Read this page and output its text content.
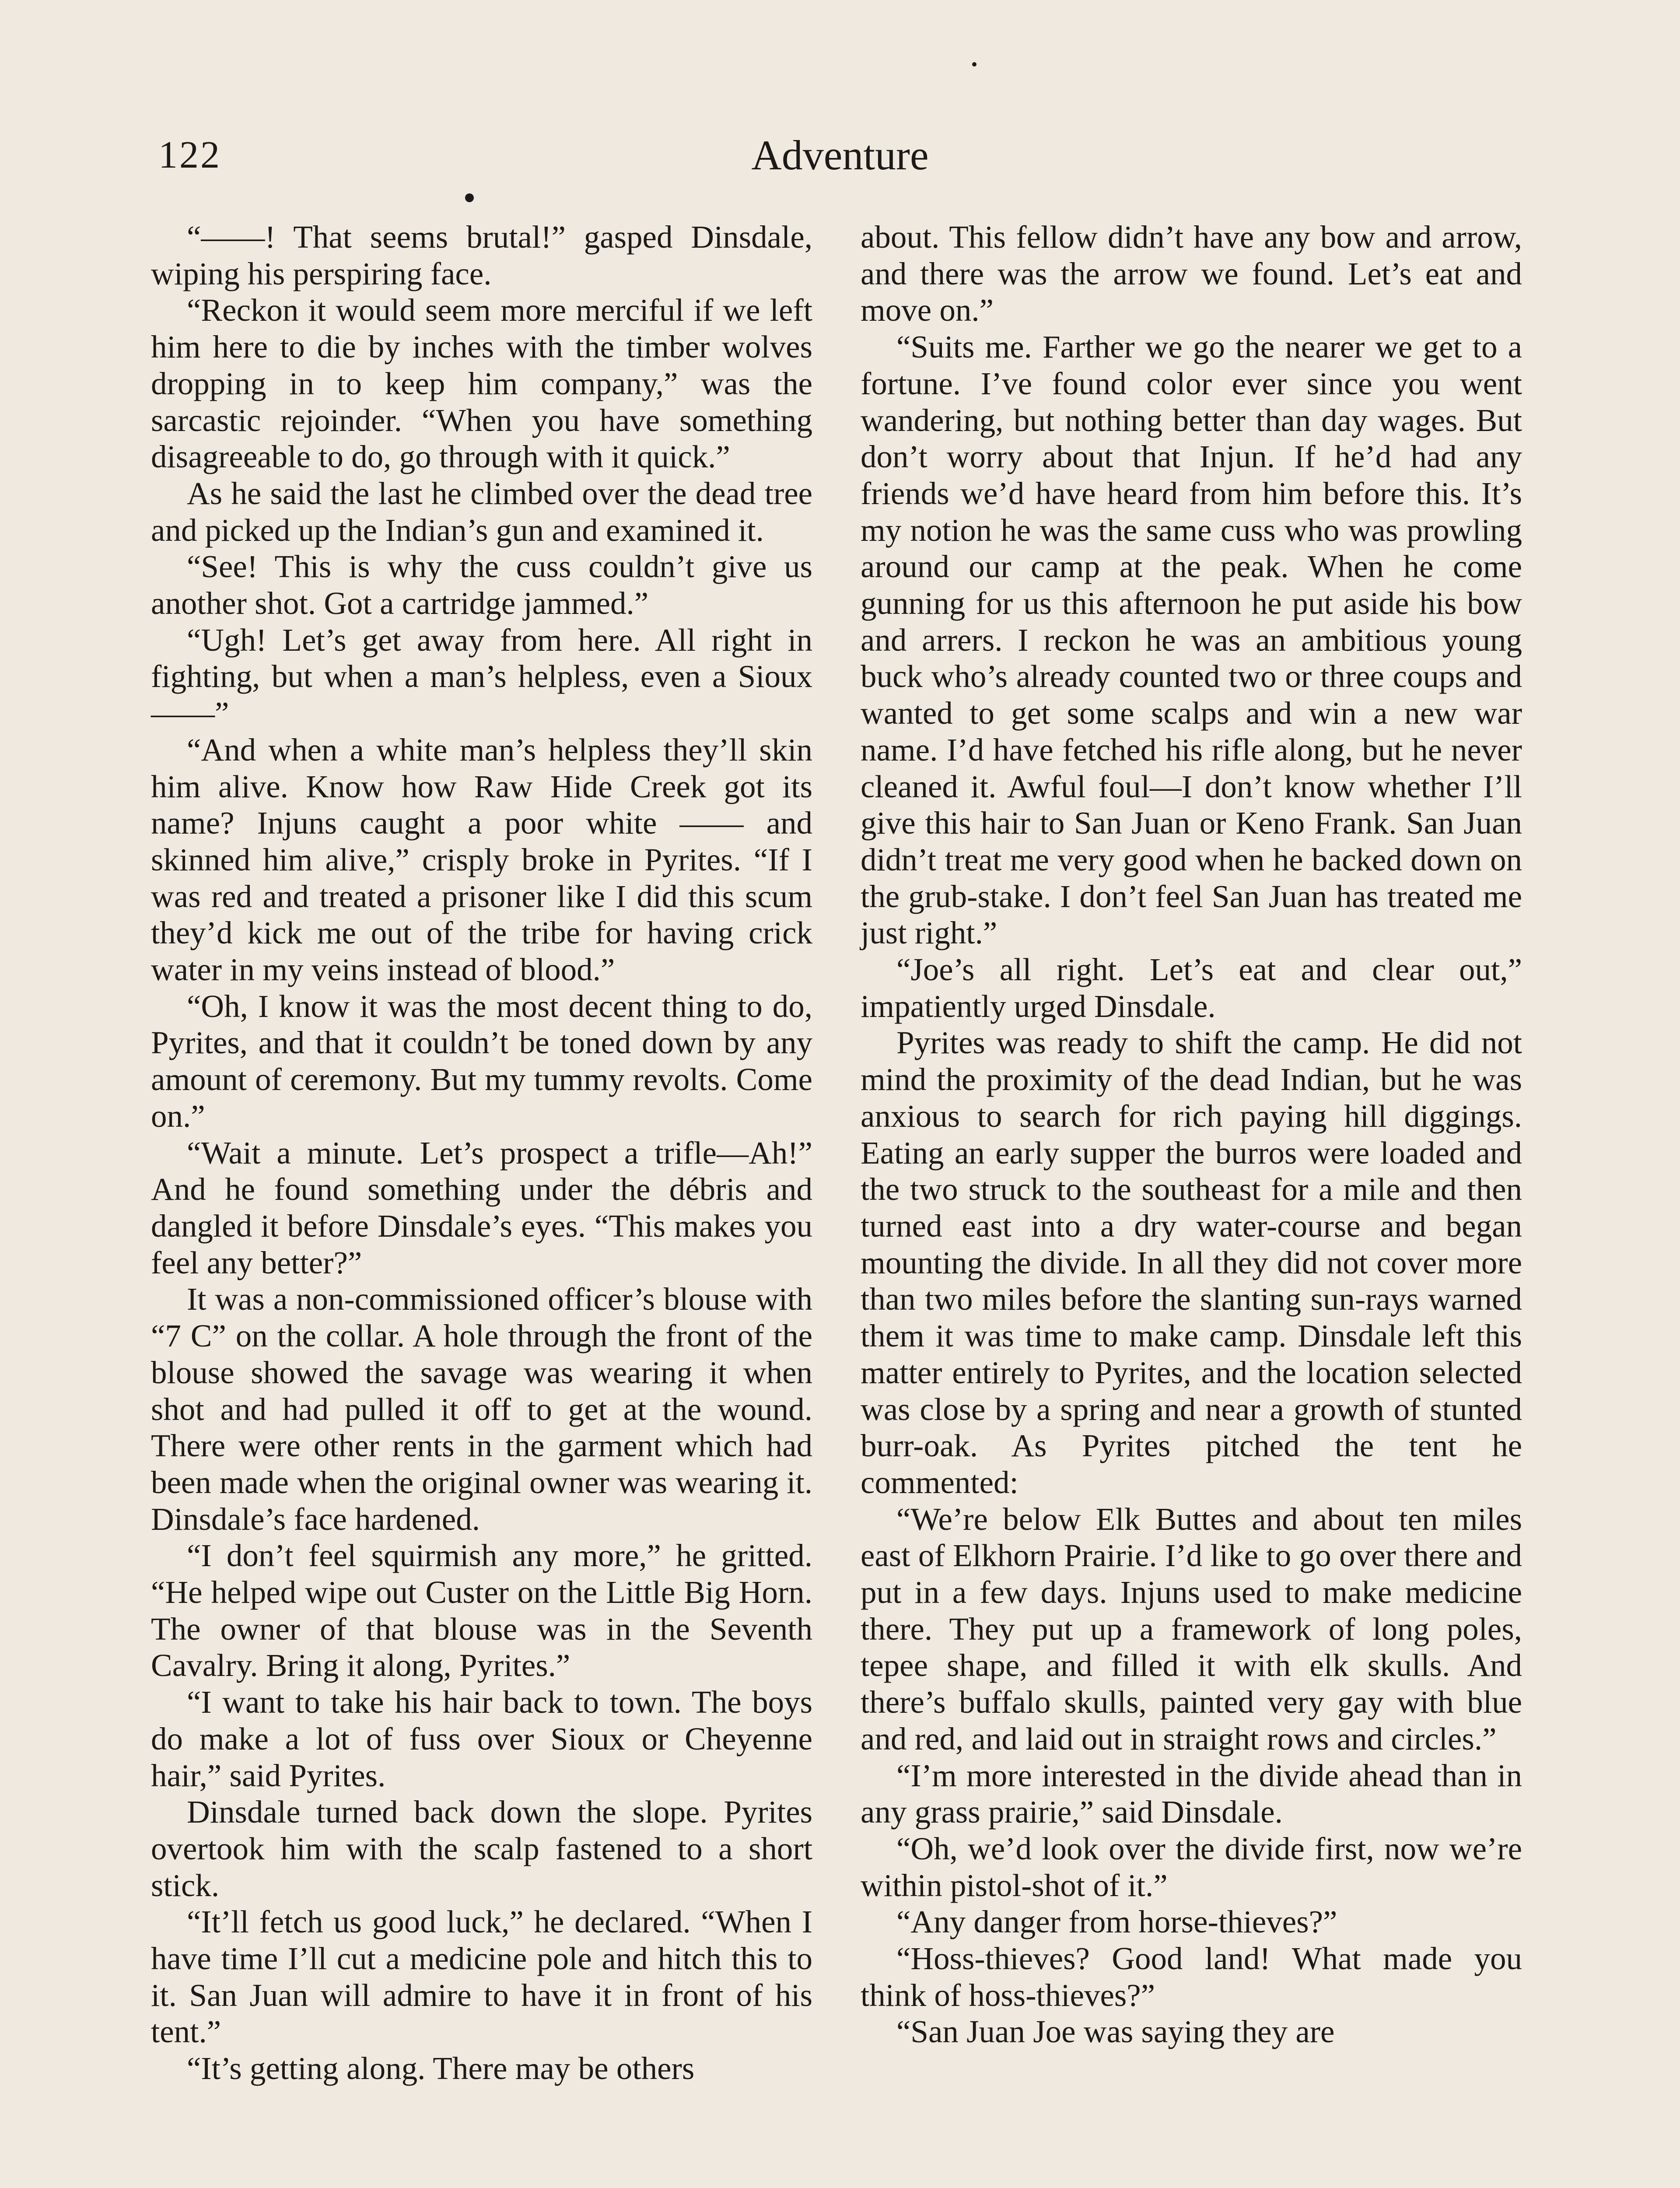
122	Adventure

“——! That seems brutal!” gasped Dinsdale, wiping his perspiring face.

“Reckon it would seem more merciful if we left him here to die by inches with the timber wolves dropping in to keep him company,” was the sarcastic rejoinder. “When you have something disagreeable to do, go through with it quick.”

As he said the last he climbed over the dead tree and picked up the Indian’s gun and examined it.

“See! This is why the cuss couldn’t give us another shot. Got a cartridge jammed.”

“Ugh! Let’s get away from here. All right in fighting, but when a man’s helpless, even a Sioux——”

“And when a white man’s helpless they’ll skin him alive. Know how Raw Hide Creek got its name? Injuns caught a poor white —— and skinned him alive,” crisply broke in Pyrites. “If I was red and treated a prisoner like I did this scum they’d kick me out of the tribe for having crick water in my veins instead of blood.”

“Oh, I know it was the most decent thing to do, Pyrites, and that it couldn’t be toned down by any amount of ceremony. But my tummy revolts. Come on.”

“Wait a minute. Let’s prospect a trifle—Ah!” And he found something under the débris and dangled it before Dinsdale’s eyes. “This makes you feel any better?”

It was a non-commissioned officer’s blouse with “7 C” on the collar. A hole through the front of the blouse showed the savage was wearing it when shot and had pulled it off to get at the wound. There were other rents in the garment which had been made when the original owner was wearing it. Dinsdale’s face hardened.

“I don’t feel squirmish any more,” he gritted. “He helped wipe out Custer on the Little Big Horn. The owner of that blouse was in the Seventh Cavalry. Bring it along, Pyrites.”

“I want to take his hair back to town. The boys do make a lot of fuss over Sioux or Cheyenne hair,” said Pyrites.

Dinsdale turned back down the slope. Pyrites overtook him with the scalp fastened to a short stick.

“It’ll fetch us good luck,” he declared. “When I have time I’ll cut a medicine pole and hitch this to it. San Juan will admire to have it in front of his tent.”

“It’s getting along. There may be others

about. This fellow didn’t have any bow and arrow, and there was the arrow we found. Let’s eat and move on.”

“Suits me. Farther we go the nearer we get to a fortune. I’ve found color ever since you went wandering, but nothing better than day wages. But don’t worry about that Injun. If he’d had any friends we’d have heard from him before this. It’s my notion he was the same cuss who was prowling around our camp at the peak. When he come gunning for us this afternoon he put aside his bow and arrers. I reckon he was an ambitious young buck who’s already counted two or three coups and wanted to get some scalps and win a new war name. I’d have fetched his rifle along, but he never cleaned it. Awful foul—I don’t know whether I’ll give this hair to San Juan or Keno Frank. San Juan didn’t treat me very good when he backed down on the grub-stake. I don’t feel San Juan has treated me just right.”

“Joe’s all right. Let’s eat and clear out,” impatiently urged Dinsdale.

Pyrites was ready to shift the camp. He did not mind the proximity of the dead Indian, but he was anxious to search for rich paying hill diggings. Eating an early supper the burros were loaded and the two struck to the southeast for a mile and then turned east into a dry water-course and began mounting the divide. In all they did not cover more than two miles before the slanting sun-rays warned them it was time to make camp. Dinsdale left this matter entirely to Pyrites, and the location selected was close by a spring and near a growth of stunted burr-oak. As Pyrites pitched the tent he commented:

“We’re below Elk Buttes and about ten miles east of Elkhorn Prairie. I’d like to go over there and put in a few days. Injuns used to make medicine there. They put up a framework of long poles, tepee shape, and filled it with elk skulls. And there’s buffalo skulls, painted very gay with blue and red, and laid out in straight rows and circles.”

“I’m more interested in the divide ahead than in any grass prairie,” said Dinsdale.

“Oh, we’d look over the divide first, now we’re within pistol-shot of it.”

“Any danger from horse-thieves?”

“Hoss-thieves? Good land! What made you think of hoss-thieves?”

“San Juan Joe was saying they are
